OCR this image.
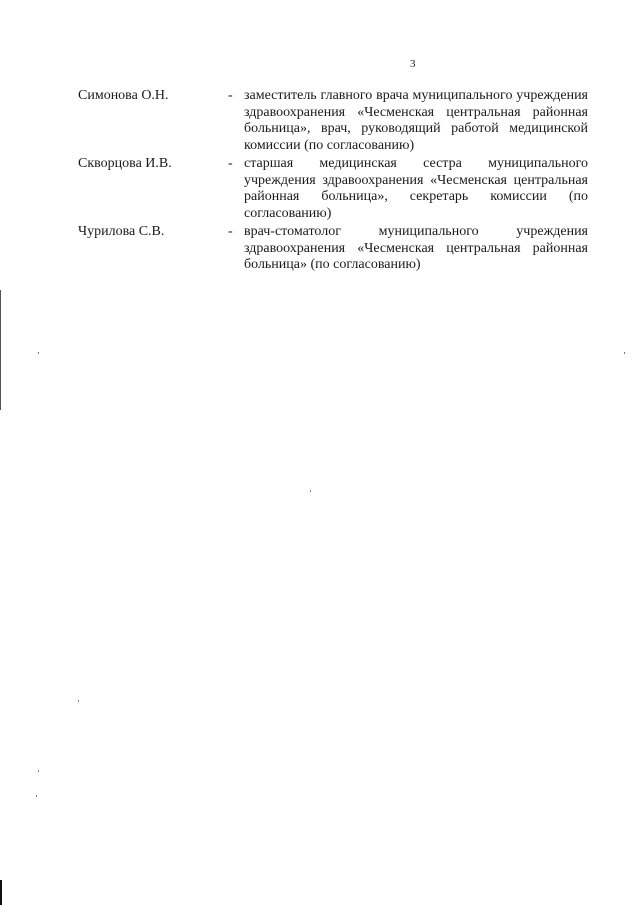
3
Симонова О.Н.	- заместитель главного врача муниципального учреждения здравоохранения «Чесменская центральная районная больница», врач, руководящий работой медицинской комиссии (по согласованию)
Скворцова И.В.	- старшая медицинская сестра муниципального учреждения здравоохранения «Чесменская центральная районная больница», секретарь комиссии (по согласованию)
Чурилова С.В.	- врач-стоматолог муниципального учреждения здравоохранения «Чесменская центральная районная больница» (по согласованию)
